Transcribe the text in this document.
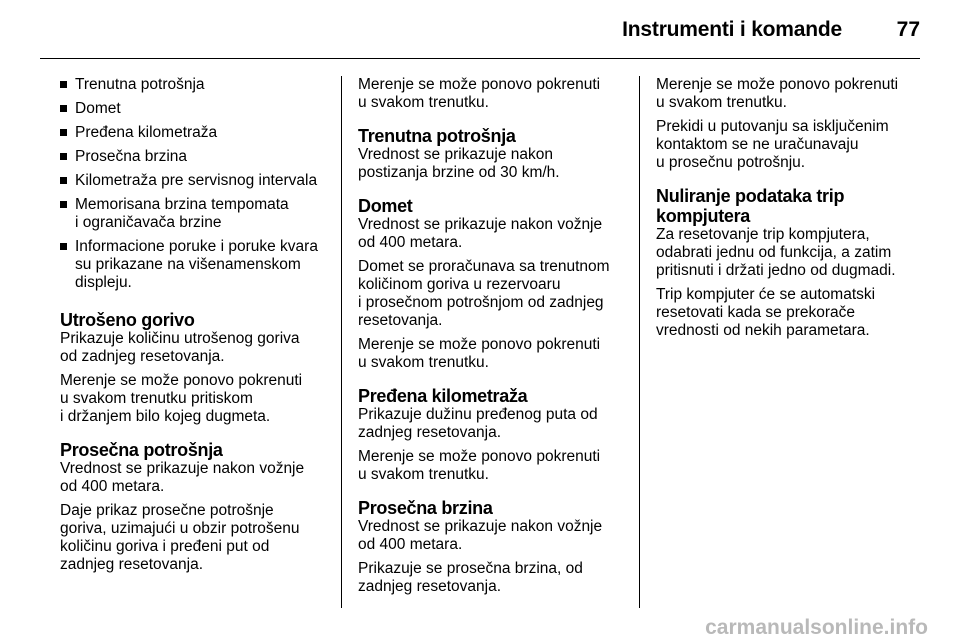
Instrumenti i komande	77
Trenutna potrošnja
Domet
Pređena kilometraža
Prosečna brzina
Kilometraža pre servisnog intervala
Memorisana brzina tempomata
i ograničavača brzine
Informacione poruke i poruke kvara
su prikazane na višenamenskom
displeju.
Utrošeno gorivo

Prikazuje količinu utrošenog goriva
od zadnjeg resetovanja.

Merenje se može ponovo pokrenuti
u svakom trenutku pritiskom
i držanjem bilo kojeg dugmeta.

Prosečna potrošnja

Vrednost se prikazuje nakon vožnje
od 400 metara.

Daje prikaz prosečne potrošnje
goriva, uzimajući u obzir potrošenu
količinu goriva i pređeni put od
zadnjeg resetovanja.

Merenje se može ponovo pokrenuti
u svakom trenutku.

Trenutna potrošnja

Vrednost se prikazuje nakon
postizanja brzine od 30 km/h.

Domet

Vrednost se prikazuje nakon vožnje
od 400 metara.

Domet se proračunava sa trenutnom
količinom goriva u rezervoaru
i prosečnom potrošnjom od zadnjeg
resetovanja.

Merenje se može ponovo pokrenuti
u svakom trenutku.

Pređena kilometraža

Prikazuje dužinu pređenog puta od
zadnjeg resetovanja.

Merenje se može ponovo pokrenuti
u svakom trenutku.

Prosečna brzina

Vrednost se prikazuje nakon vožnje
od 400 metara.

Prikazuje se prosečna brzina, od
zadnjeg resetovanja.

Merenje se može ponovo pokrenuti
u svakom trenutku.

Prekidi u putovanju sa isključenim
kontaktom se ne uračunavaju
u prosečnu potrošnju.

Nuliranje podataka trip
kompjutera

Za resetovanje trip kompjutera,
odabrati jednu od funkcija, a zatim
pritisnuti i držati jedno od dugmadi.

Trip kompjuter će se automatski
resetovati kada se prekorače
vrednosti od nekih parametara.

carmanualsonline.info
